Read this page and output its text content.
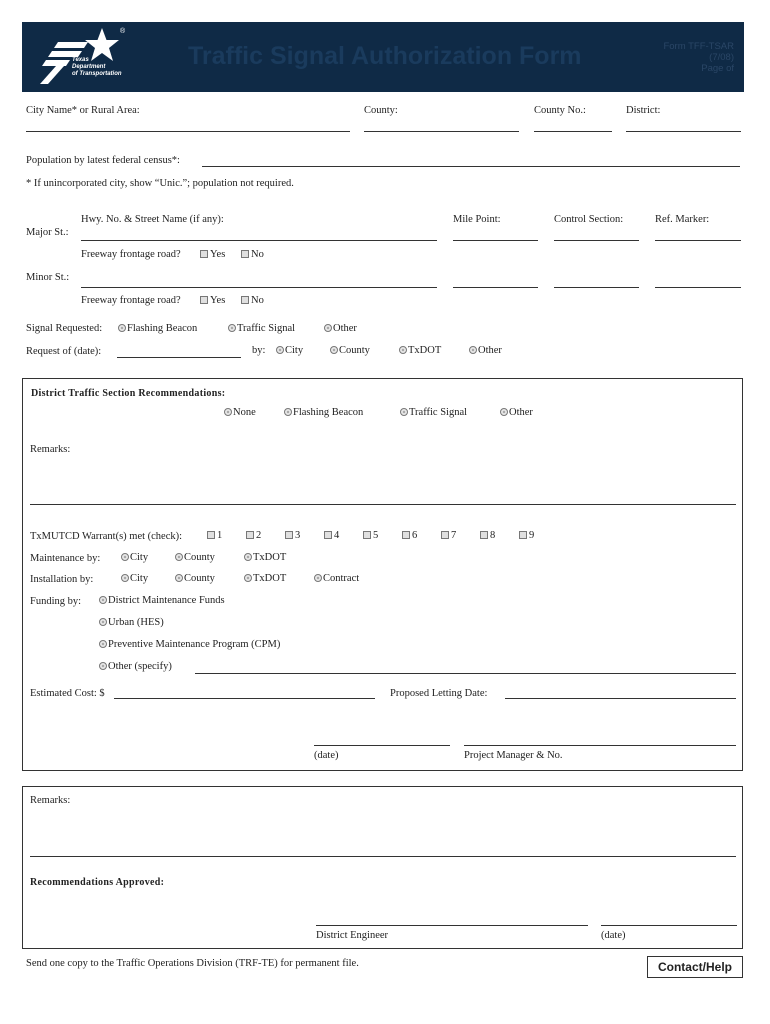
®
Texas
Department
of Transportation
Traffic Signal Authorization Form	Form TFF-TSAR
(7/08)
Page of
City Name* or Rural Area:	County:	County No.:	District:
Population by latest federal census*:
* If unincorporated city, show “Unic.”; population not required.
Hwy. No. & Street Name (if any):	Mile Point:	Control Section:	Ref. Marker:
Major St.:
Freeway frontage road?	Yes	No
Minor St.:
Freeway frontage road?	Yes	No
Signal Requested:	Flashing Beacon	Traffic Signal	Other
Request of (date):	by:	City	County	TxDOT	Other
District Traffic Section Recommendations:
None	Flashing Beacon	Traffic Signal	Other
Remarks:
TxMUTCD Warrant(s) met (check):	1	2	3	4	5	6	7	8	9
Maintenance by:	City	County	TxDOT
Installation by:	City	County	TxDOT	Contract
Funding by:	District Maintenance Funds
Urban (HES)
Preventive Maintenance Program (CPM)
Other (specify)
Estimated Cost: $	Proposed Letting Date:
(date)	Project Manager & No.
Remarks:
Recommendations Approved:
District Engineer	(date)
Send one copy to the Traffic Operations Division (TRF-TE) for permanent file.	Contact/Help
